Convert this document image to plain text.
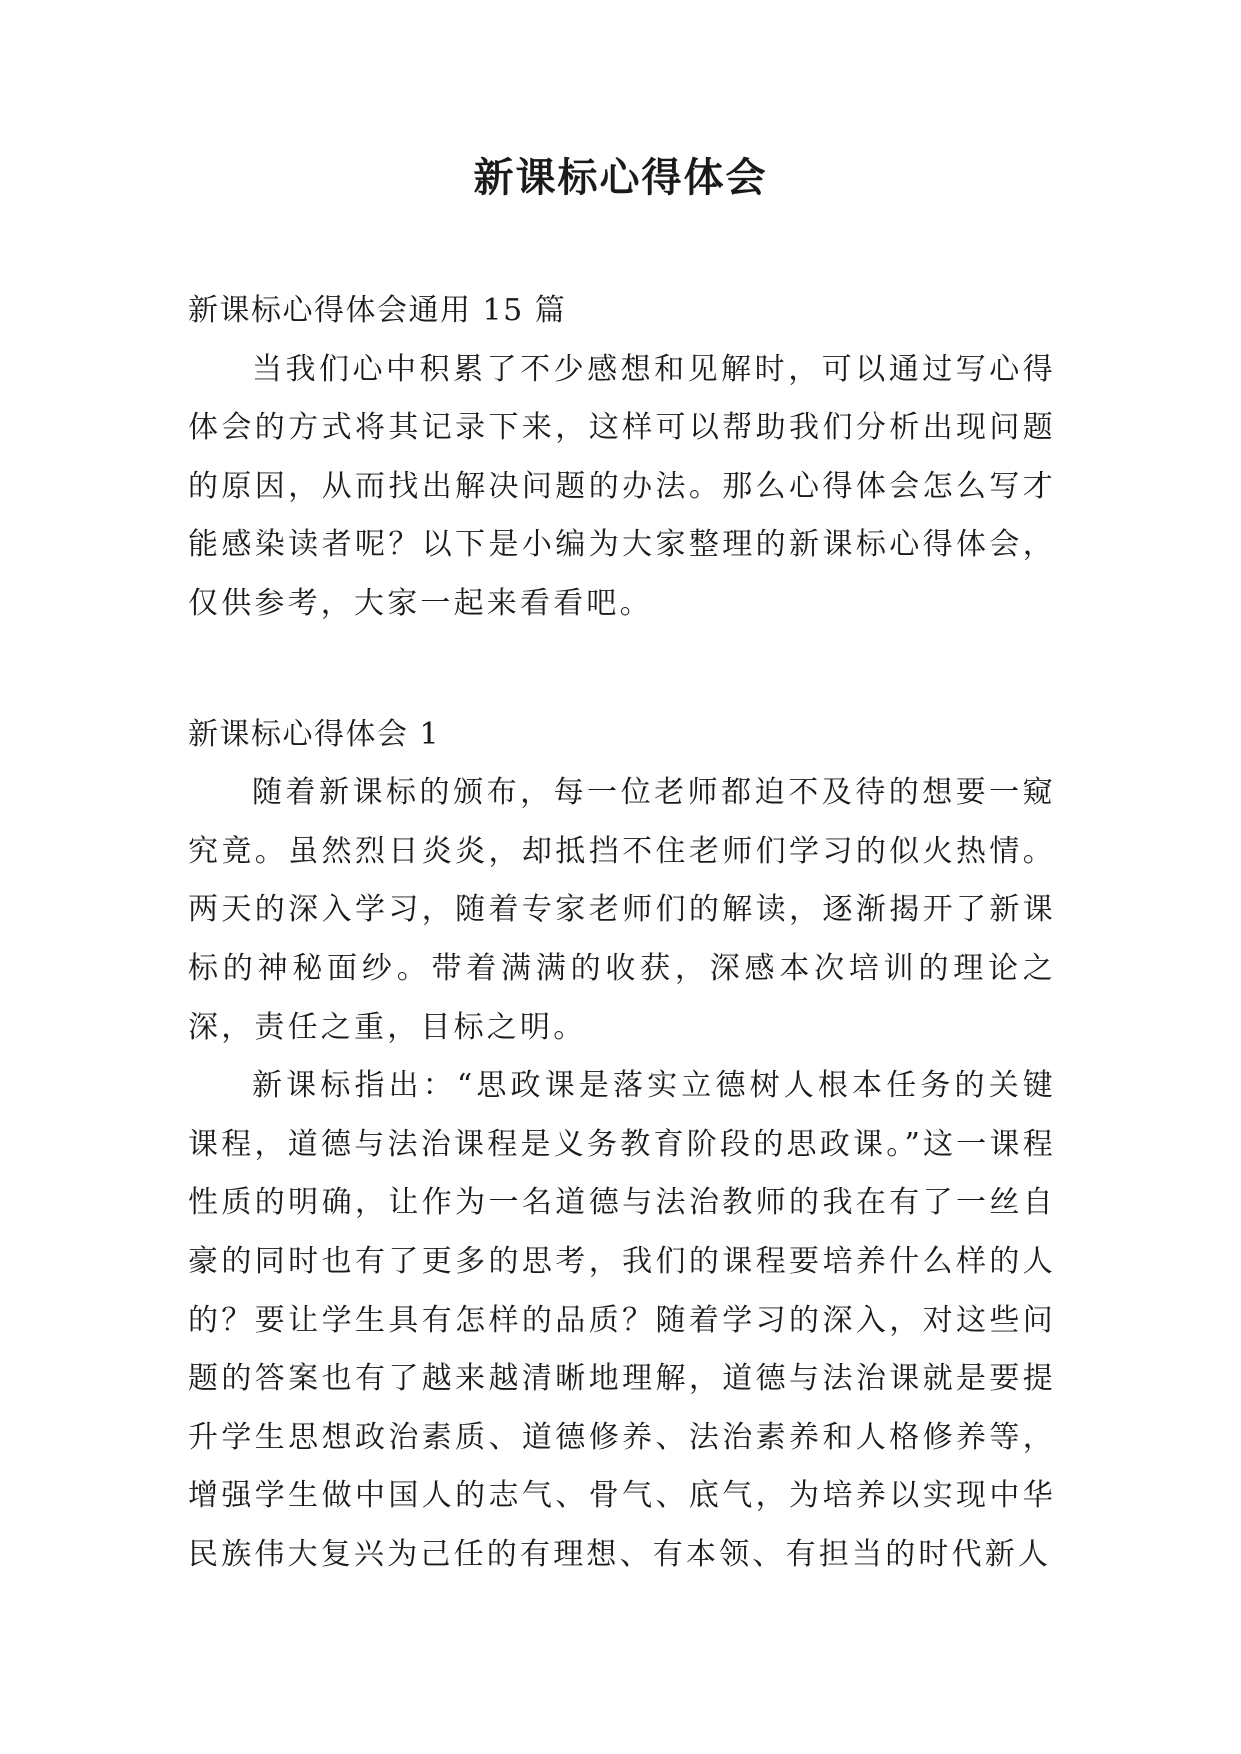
新课标心得体会

新课标心得体会通用 15 篇

当我们心中积累了不少感想和见解时，可以通过写心得体会的方式将其记录下来，这样可以帮助我们分析出现问题的原因，从而找出解决问题的办法。那么心得体会怎么写才能感染读者呢？以下是小编为大家整理的新课标心得体会，仅供参考，大家一起来看看吧。

新课标心得体会 1

随着新课标的颁布，每一位老师都迫不及待的想要一窥究竟。虽然烈日炎炎，却抵挡不住老师们学习的似火热情。两天的深入学习，随着专家老师们的解读，逐渐揭开了新课标的神秘面纱。带着满满的收获，深感本次培训的理论之深，责任之重，目标之明。

新课标指出：“思政课是落实立德树人根本任务的关键课程，道德与法治课程是义务教育阶段的思政课。”这一课程性质的明确，让作为一名道德与法治教师的我在有了一丝自豪的同时也有了更多的思考，我们的课程要培养什么样的人的？要让学生具有怎样的品质？随着学习的深入，对这些问题的答案也有了越来越清晰地理解，道德与法治课就是要提升学生思想政治素质、道德修养、法治素养和人格修养等，增强学生做中国人的志气、骨气、底气，为培养以实现中华民族伟大复兴为己任的有理想、有本领、有担当的时代新人
